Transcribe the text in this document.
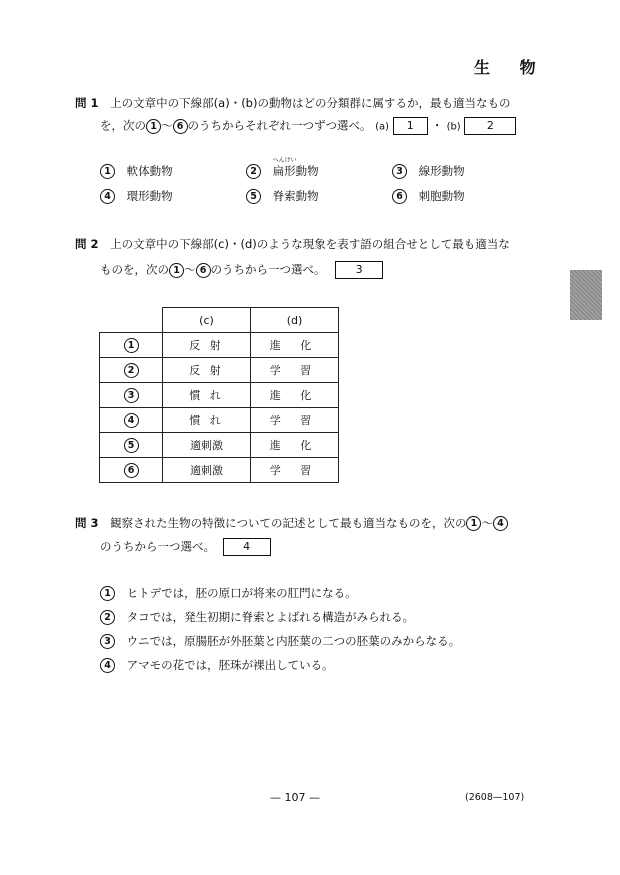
生 物
問 1 上の文章中の下線部(a)・(b)の動物はどの分類群に属するか，最も適当なもの
を，次の 1 ～ 6 のうちからそれぞれ一つずつ選べ。 (a) 1 ・ (b) 2
1 軟体動物	2
へんけい
扁形動物	3 線形動物
4 環形動物	5 脊索動物	6 刺胞動物
問 2 上の文章中の下線部(c)・(d)のような現象を表す語の組合せとして最も適当な
ものを，次の 1 ～ 6 のうちから一つ選べ。	3
	(c)	(d)
1	反 射	進 化
2	反 射	学 習
3	慣 れ	進 化
4	慣 れ	学 習
5	適刺激	進 化
6	適刺激	学 習
問 3 観察された生物の特徴についての記述として最も適当なものを，次の 1 ～ 4
のうちから一つ選べ。	4
1 ヒトデでは，胚の原口が将来の肛門になる。
2 タコでは，発生初期に脊索とよばれる構造がみられる。
3 ウニでは，原腸胚が外胚葉と内胚葉の二つの胚葉のみからなる。
4 アマモの花では，胚珠が裸出している。
— 107 —	(2608—107)
